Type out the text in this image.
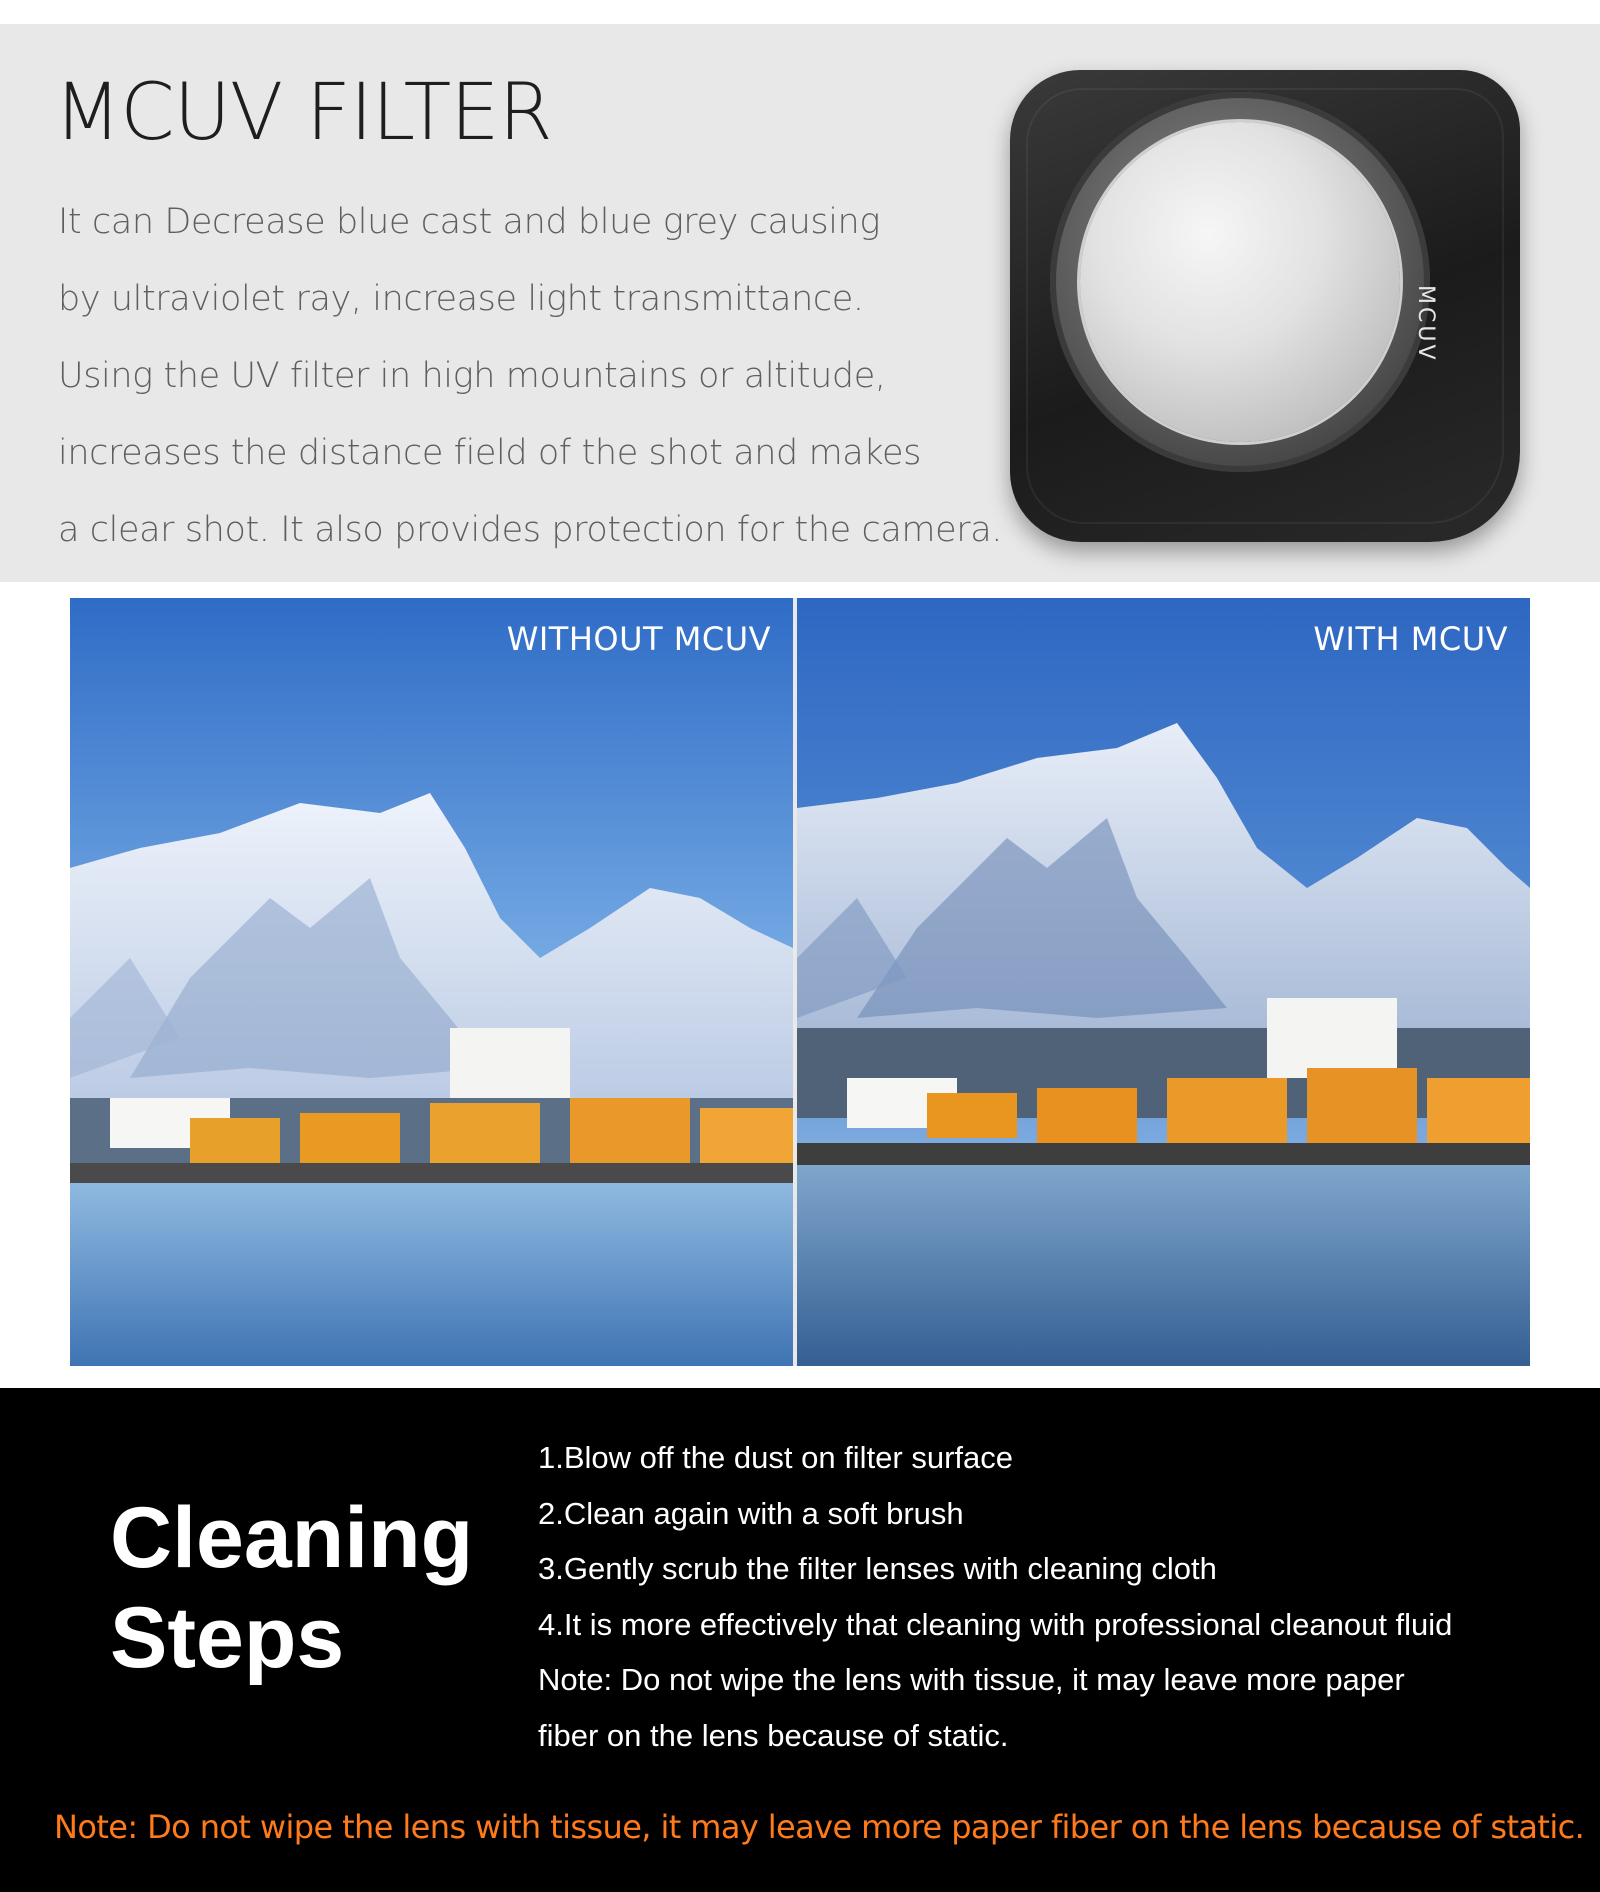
MCUV FILTER
It can Decrease blue cast and blue grey causing
by ultraviolet ray, increase light transmittance.
Using the UV filter in high mountains or altitude,
increases the distance field of the shot and makes
a clear shot. It also provides protection for the camera.
MCUV
WITHOUT MCUV	WITH MCUV
Cleaning
Steps
1.Blow off the dust on filter surface
2.Clean again with a soft brush
3.Gently scrub the filter lenses with cleaning cloth
4.It is more effectively that cleaning with professional cleanout fluid
Note: Do not wipe the lens with tissue, it may leave more paper
fiber on the lens because of static.

Note: Do not wipe the lens with tissue, it may leave more paper fiber on the lens because of static.
